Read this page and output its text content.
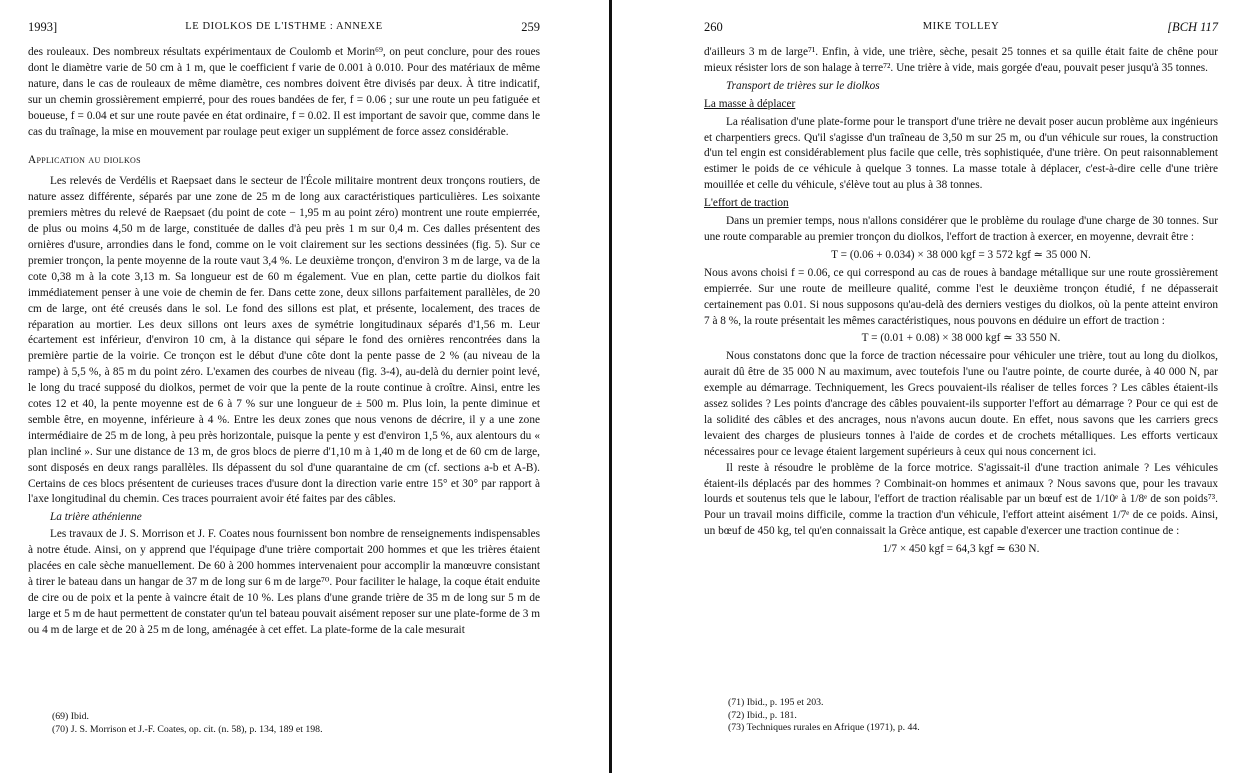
1993]	LE DIOLKOS DE L'ISTHME : ANNEXE	259

des rouleaux. Des nombreux résultats expérimentaux de Coulomb et Morin⁶⁹, on peut conclure, pour des roues dont le diamètre varie de 50 cm à 1 m, que le coefficient f varie de 0.001 à 0.010. Pour des matériaux de même nature, dans le cas de rouleaux de même diamètre, ces nombres doivent être divisés par deux. À titre indicatif, sur un chemin grossièrement empierré, pour des roues bandées de fer, f = 0.06 ; sur une route un peu fatiguée et boueuse, f = 0.04 et sur une route pavée en état ordinaire, f = 0.02. Il est important de savoir que, comme dans le cas du traînage, la mise en mouvement par roulage peut exiger un supplément de force assez considérable.

Application au diolkos

Les relevés de Verdélis et Raepsaet dans le secteur de l'École militaire montrent deux tronçons routiers, de nature assez différente, séparés par une zone de 25 m de long aux caractéristiques particulières. Les soixante premiers mètres du relevé de Raepsaet (du point de cote − 1,95 m au point zéro) montrent une route empierrée, de plus ou moins 4,50 m de large, constituée de dalles d'à peu près 1 m sur 0,4 m. Ces dalles présentent des ornières d'usure, arrondies dans le fond, comme on le voit clairement sur les sections dessinées (fig. 5). Sur ce premier tronçon, la pente moyenne de la route vaut 3,4 %. Le deuxième tronçon, d'environ 3 m de large, va de la cote 0,38 m à la cote 3,13 m. Sa longueur est de 60 m également. Vue en plan, cette partie du diolkos fait immédiatement penser à une voie de chemin de fer. Dans cette zone, deux sillons parfaitement parallèles, de 20 cm de large, ont été creusés dans le sol. Le fond des sillons est plat, et présente, localement, des traces de réparation au mortier. Les deux sillons ont leurs axes de symétrie longitudinaux séparés d'1,56 m. Leur écartement est inférieur, d'environ 10 cm, à la distance qui sépare le fond des ornières rencontrées dans la première partie de la voirie. Ce tronçon est le début d'une côte dont la pente passe de 2 % (au niveau de la rampe) à 5,5 %, à 85 m du point zéro. L'examen des courbes de niveau (fig. 3-4), au-delà du dernier point levé, le long du tracé supposé du diolkos, permet de voir que la pente de la route continue à croître. Ainsi, entre les cotes 12 et 40, la pente moyenne est de 6 à 7 % sur une longueur de ± 500 m. Plus loin, la pente diminue et semble être, en moyenne, inférieure à 4 %. Entre les deux zones que nous venons de décrire, il y a une zone intermédiaire de 25 m de long, à peu près horizontale, puisque la pente y est d'environ 1,5 %, aux alentours du « plan incliné ». Sur une distance de 13 m, de gros blocs de pierre d'1,10 m à 1,40 m de long et de 60 cm de large, sont disposés en deux rangs parallèles. Ils dépassent du sol d'une quarantaine de cm (cf. sections a-b et A-B). Certains de ces blocs présentent de curieuses traces d'usure dont la direction varie entre 15° et 30° par rapport à l'axe longitudinal du chemin. Ces traces pourraient avoir été faites par des câbles.

La trière athénienne

Les travaux de J. S. Morrison et J. F. Coates nous fournissent bon nombre de renseignements indispensables à notre étude. Ainsi, on y apprend que l'équipage d'une trière comportait 200 hommes et que les trières étaient placées en cale sèche manuellement. De 60 à 200 hommes intervenaient pour accomplir la manœuvre consistant à tirer le bateau dans un hangar de 37 m de long sur 6 m de large⁷⁰. Pour faciliter le halage, la coque était enduite de cire ou de poix et la pente à vaincre était de 10 %. Les plans d'une grande trière de 35 m de long sur 5 m de large et 5 m de haut permettent de constater qu'un tel bateau pouvait aisément reposer sur une plate-forme de 3 m ou 4 m de large et de 20 à 25 m de long, aménagée à cet effet. La plate-forme de la cale mesurait

(69) Ibid.
(70) J. S. Morrison et J.-F. Coates, op. cit. (n. 58), p. 134, 189 et 198.
260	MIKE TOLLEY	[BCH 117

d'ailleurs 3 m de large⁷¹. Enfin, à vide, une trière, sèche, pesait 25 tonnes et sa quille était faite de chêne pour mieux résister lors de son halage à terre⁷². Une trière à vide, mais gorgée d'eau, pouvait peser jusqu'à 35 tonnes.

Transport de trières sur le diolkos

La masse à déplacer

La réalisation d'une plate-forme pour le transport d'une trière ne devait poser aucun problème aux ingénieurs et charpentiers grecs. Qu'il s'agisse d'un traîneau de 3,50 m sur 25 m, ou d'un véhicule sur roues, la construction d'un tel engin est considérablement plus facile que celle, très sophistiquée, d'une trière. On peut raisonnablement estimer le poids de ce véhicule à quelque 3 tonnes. La masse totale à déplacer, c'est-à-dire celle d'une trière mouillée et celle du véhicule, s'élève tout au plus à 38 tonnes.

L'effort de traction

Dans un premier temps, nous n'allons considérer que le problème du roulage d'une charge de 30 tonnes. Sur une route comparable au premier tronçon du diolkos, l'effort de traction à exercer, en moyenne, devrait être :

T = (0.06 + 0.034) × 38 000 kgf = 3 572 kgf ≃ 35 000 N.

Nous avons choisi f = 0.06, ce qui correspond au cas de roues à bandage métallique sur une route grossièrement empierrée. Sur une route de meilleure qualité, comme l'est le deuxième tronçon étudié, f ne dépasserait certainement pas 0.01. Si nous supposons qu'au-delà des derniers vestiges du diolkos, où la pente atteint environ 7 à 8 %, la route présentait les mêmes caractéristiques, nous pouvons en déduire un effort de traction :

T = (0.01 + 0.08) × 38 000 kgf ≃ 33 550 N.

Nous constatons donc que la force de traction nécessaire pour véhiculer une trière, tout au long du diolkos, aurait dû être de 35 000 N au maximum, avec toutefois l'une ou l'autre pointe, de courte durée, à 40 000 N, par exemple au démarrage. Techniquement, les Grecs pouvaient-ils réaliser de telles forces ? Les câbles étaient-ils assez solides ? Les points d'ancrage des câbles pouvaient-ils supporter l'effort au démarrage ? Pour ce qui est de la solidité des câbles et des ancrages, nous n'avons aucun doute. En effet, nous savons que les carriers grecs levaient des charges de plusieurs tonnes à l'aide de cordes et de crochets métalliques. Les efforts verticaux nécessaires pour ce levage étaient largement supérieurs à ceux qui nous concernent ici.

Il reste à résoudre le problème de la force motrice. S'agissait-il d'une traction animale ? Les véhicules étaient-ils déplacés par des hommes ? Combinait-on hommes et animaux ? Nous savons que, pour les travaux lourds et soutenus tels que le labour, l'effort de traction réalisable par un bœuf est de 1/10ᵉ à 1/8ᵉ de son poids⁷³. Pour un travail moins difficile, comme la traction d'un véhicule, l'effort atteint aisément 1/7ᵉ de ce poids. Ainsi, un bœuf de 450 kg, tel qu'en connaissait la Grèce antique, est capable d'exercer une traction continue de :

1/7 × 450 kgf = 64,3 kgf ≃ 630 N.

(71) Ibid., p. 195 et 203.
(72) Ibid., p. 181.
(73) Techniques rurales en Afrique (1971), p. 44.
